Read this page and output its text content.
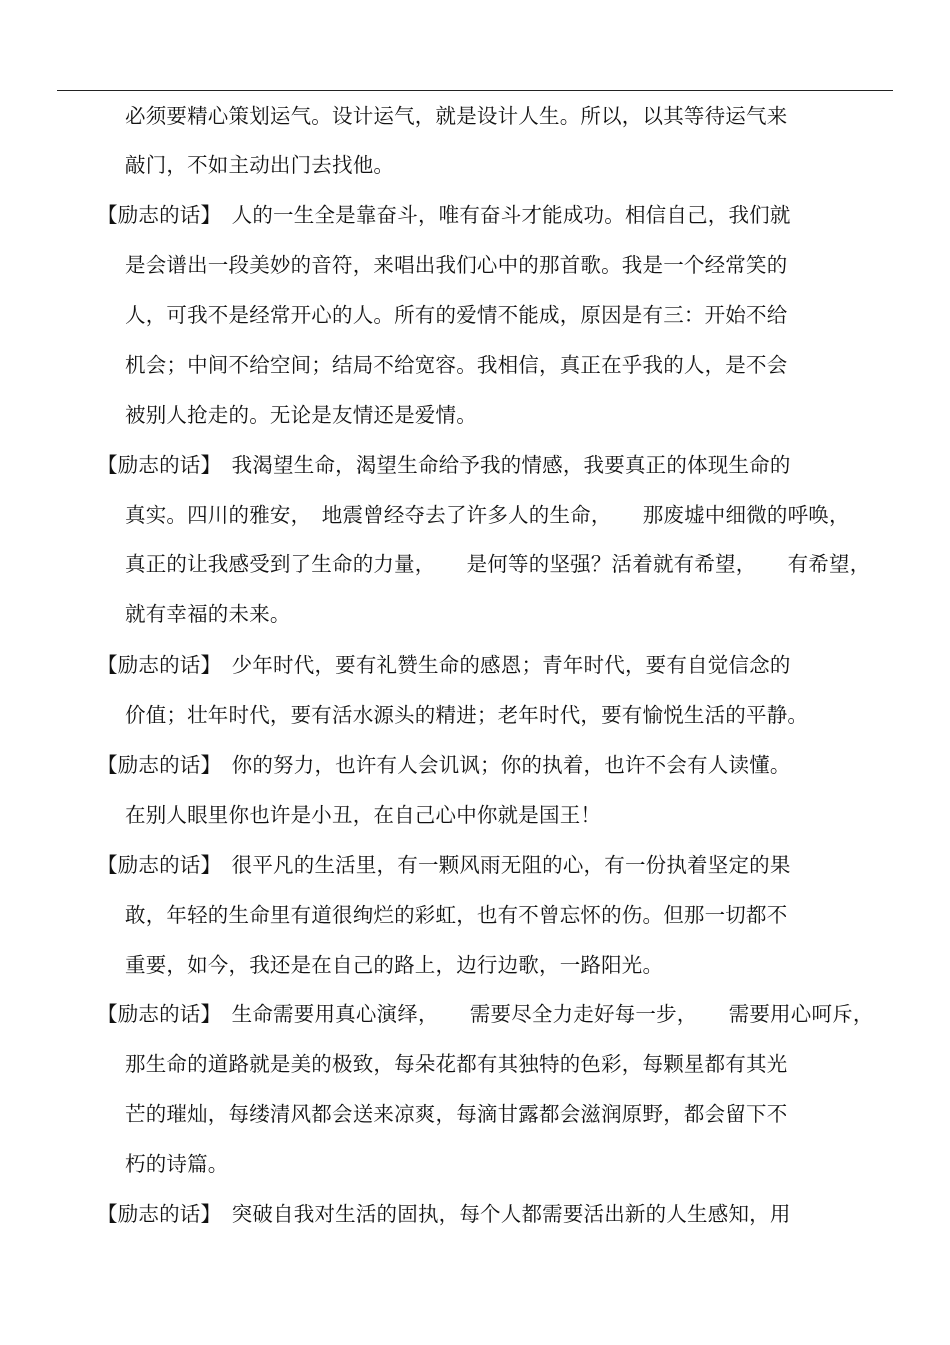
必须要精心策划运气。设计运气，就是设计人生。所以，以其等待运气来
敲门，不如主动出门去找他。
【励志的话】　人的一生全是靠奋斗，唯有奋斗才能成功。相信自己，我们就
是会谱出一段美妙的音符，来唱出我们心中的那首歌。我是一个经常笑的
人，可我不是经常开心的人。所有的爱情不能成，原因是有三：开始不给
机会；中间不给空间；结局不给宽容。我相信，真正在乎我的人，是不会
被别人抢走的。无论是友情还是爱情。
【励志的话】　我渴望生命，渴望生命给予我的情感，我要真正的体现生命的
真实。四川的雅安，　地震曾经夺去了许多人的生命，　　那废墟中细微的呼唤，
真正的让我感受到了生命的力量，　　是何等的坚强？活着就有希望，　　有希望，
就有幸福的未来。
【励志的话】　少年时代，要有礼赞生命的感恩；青年时代，要有自觉信念的
价值；壮年时代，要有活水源头的精进；老年时代，要有愉悦生活的平静。
【励志的话】　你的努力，也许有人会讥讽；你的执着，也许不会有人读懂。
在别人眼里你也许是小丑，在自己心中你就是国王！
【励志的话】　很平凡的生活里，有一颗风雨无阻的心，有一份执着坚定的果
敢，年轻的生命里有道很绚烂的彩虹，也有不曾忘怀的伤。但那一切都不
重要，如今，我还是在自己的路上，边行边歌，一路阳光。
【励志的话】　生命需要用真心演绎，　　需要尽全力走好每一步，　　需要用心呵斥，
那生命的道路就是美的极致，每朵花都有其独特的色彩，每颗星都有其光
芒的璀灿，每缕清风都会送来凉爽，每滴甘露都会滋润原野，都会留下不
朽的诗篇。
【励志的话】　突破自我对生活的固执，每个人都需要活出新的人生感知，用
